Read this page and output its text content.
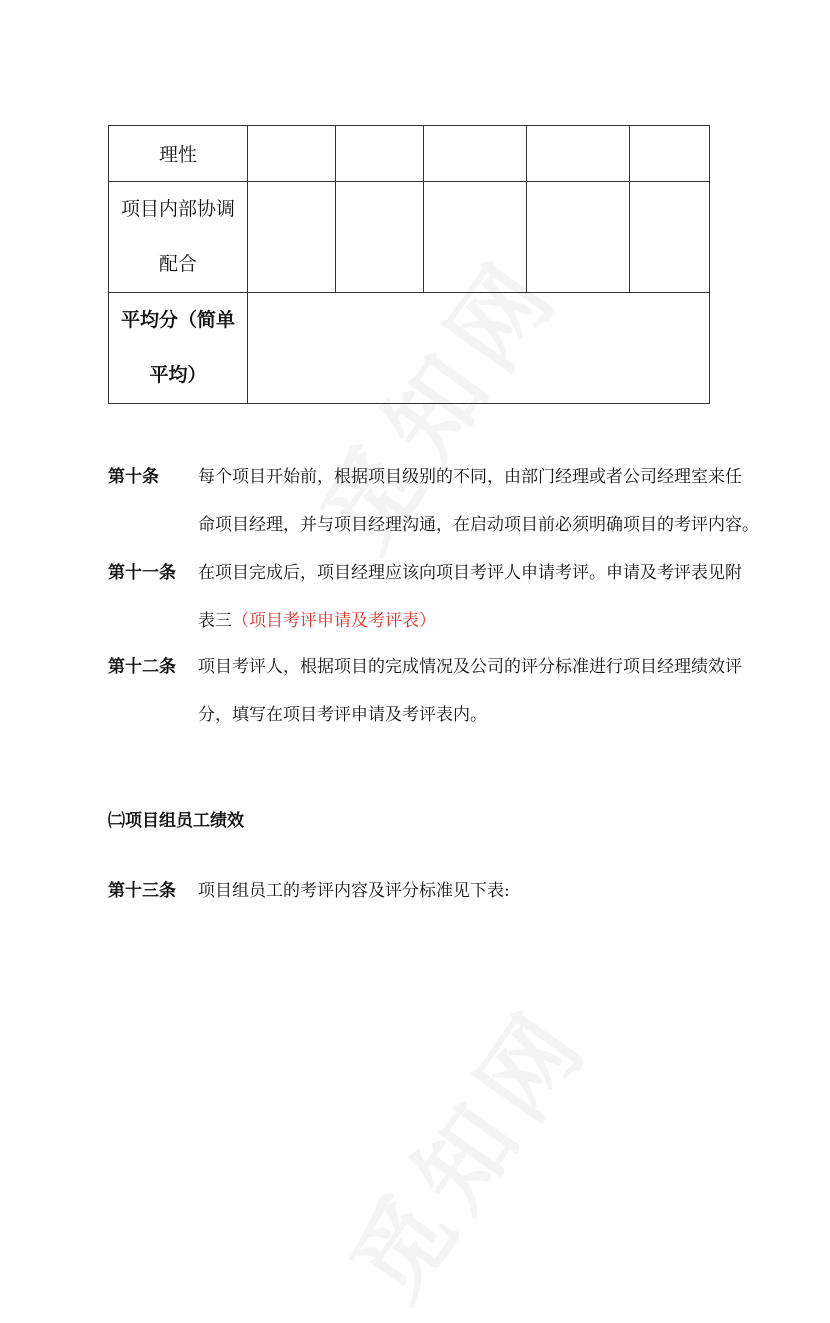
理性					

项目内部协调
配合					

平均分（简单
平均）					

第十条 每个项目开始前，根据项目级别的不同，由部门经理或者公司经理室来任
命项目经理，并与项目经理沟通，在启动项目前必须明确项目的考评内容。
第十一条 在项目完成后，项目经理应该向项目考评人申请考评。申请及考评表见附
表三（项目考评申请及考评表）
第十二条 项目考评人，根据项目的完成情况及公司的评分标准进行项目经理绩效评
分，填写在项目考评申请及考评表内。
㈡项目组员工绩效
第十三条 项目组员工的考评内容及评分标准见下表:
